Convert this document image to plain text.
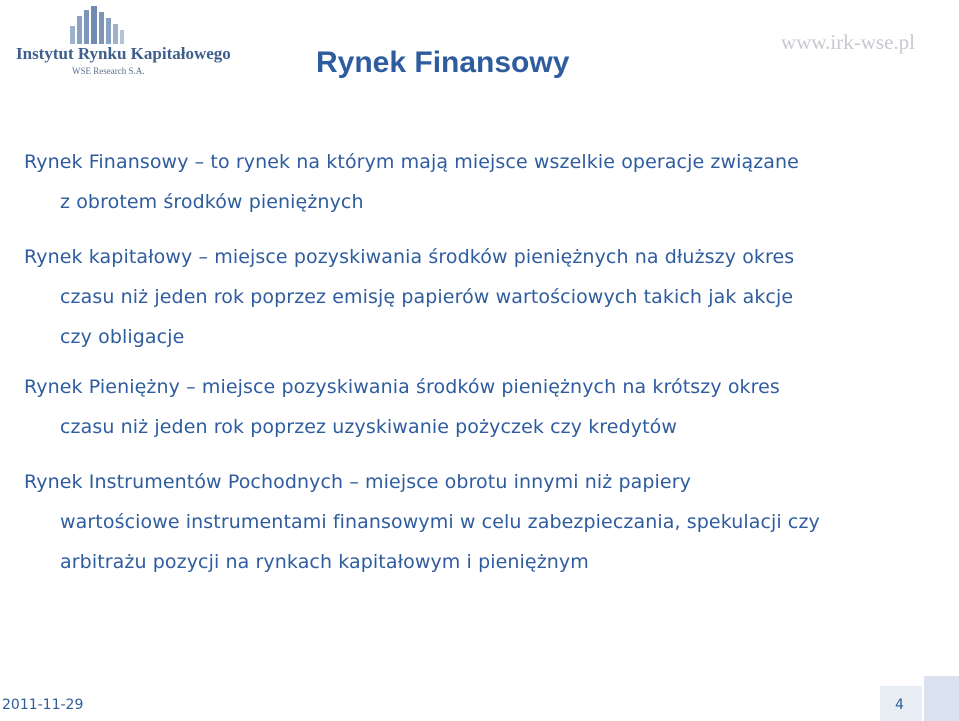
Instytut Rynku Kapitałowego
WSE Research S.A.
www.irk-wse.pl
Rynek Finansowy

Rynek Finansowy – to rynek na którym mają miejsce wszelkie operacje związane
z obrotem środków pieniężnych

Rynek kapitałowy – miejsce pozyskiwania środków pieniężnych na dłuższy okres
czasu niż jeden rok poprzez emisję papierów wartościowych takich jak akcje
czy obligacje

Rynek Pieniężny – miejsce pozyskiwania środków pieniężnych na krótszy okres
czasu niż jeden rok poprzez uzyskiwanie pożyczek czy kredytów

Rynek Instrumentów Pochodnych – miejsce obrotu innymi niż papiery
wartościowe instrumentami finansowymi w celu zabezpieczania, spekulacji czy
arbitrażu pozycji na rynkach kapitałowym i pieniężnym

2011-11-29	4
